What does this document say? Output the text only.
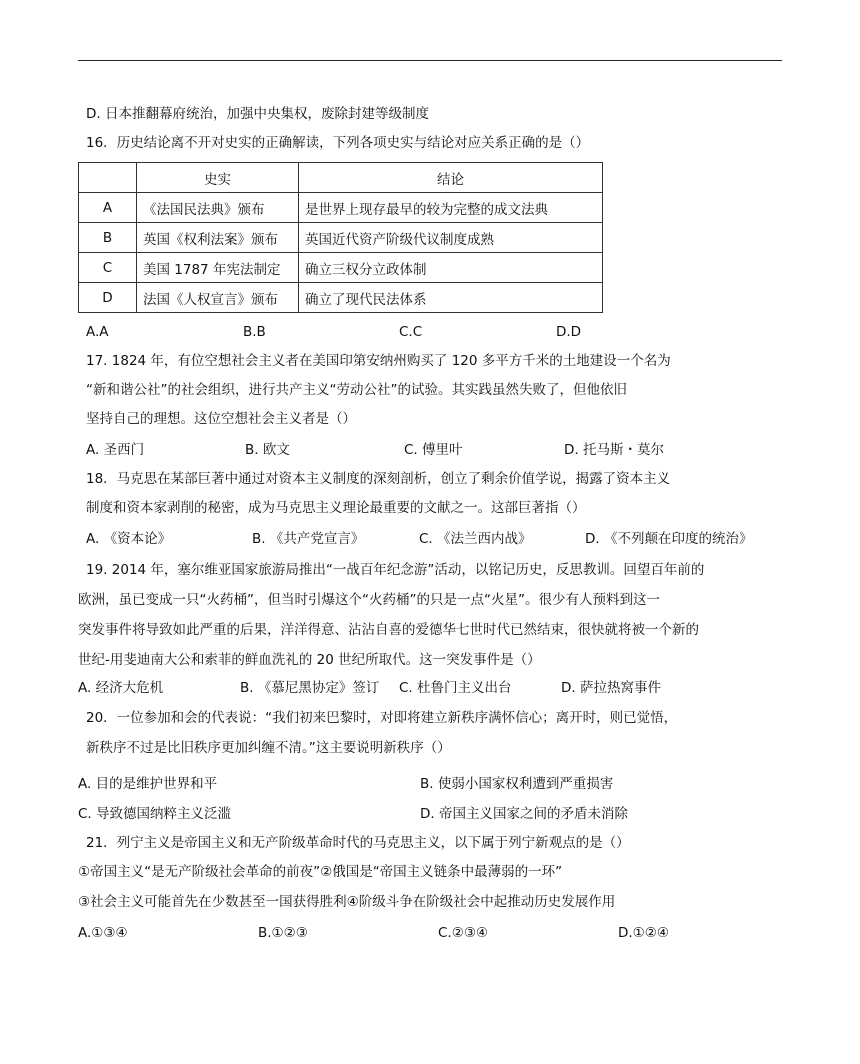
D. 日本推翻幕府统治，加强中央集权，废除封建等级制度
16．历史结论离不开对史实的正确解读，下列各项史实与结论对应关系正确的是（）
	史实	结论
A	《法国民法典》颁布	是世界上现存最早的较为完整的成文法典
B	英国《权利法案》颁布	英国近代资产阶级代议制度成熟
C	美国 1787 年宪法制定	确立三权分立政体制
D	法国《人权宣言》颁布	确立了现代民法体系
A.A	B.B	C.C	D.D
17. 1824 年，有位空想社会主义者在美国印第安纳州购买了 120 多平方千米的土地建设一个名为
“新和谐公社”的社会组织，进行共产主义“劳动公社”的试验。其实践虽然失败了，但他依旧
坚持自己的理想。这位空想社会主义者是（）
A. 圣西门	B. 欧文	C. 傅里叶	D. 托马斯・莫尔
18．马克思在某部巨著中通过对资本主义制度的深刻剖析，创立了剩余价值学说，揭露了资本主义
制度和资本家剥削的秘密，成为马克思主义理论最重要的文献之一。这部巨著指（）
A. 《资本论》	B. 《共产党宣言》	C. 《法兰西内战》	D. 《不列颠在印度的统治》
19. 2014 年，塞尔维亚国家旅游局推出“一战百年纪念游”活动，以铭记历史，反思教训。回望百年前的
欧洲，虽已变成一只“火药桶”，但当时引爆这个“火药桶”的只是一点“火星”。很少有人预料到这一
突发事件将导致如此严重的后果，洋洋得意、沾沾自喜的爱德华七世时代已然结束，很快就将被一个新的
世纪-用斐迪南大公和索菲的鲜血洗礼的 20 世纪所取代。这一突发事件是（）
A. 经济大危机	B. 《慕尼黑协定》签订 C. 杜鲁门主义出台	D. 萨拉热窝事件
20．一位参加和会的代表说：“我们初来巴黎时，对即将建立新秩序满怀信心；离开时，则已觉悟，
新秩序不过是比旧秩序更加纠缠不清。”这主要说明新秩序（）
A. 目的是维护世界和平	B. 使弱小国家权利遭到严重损害
C. 导致德国纳粹主义泛滥	D. 帝国主义国家之间的矛盾未消除
21．列宁主义是帝国主义和无产阶级革命时代的马克思主义，以下属于列宁新观点的是（）
①帝国主义“是无产阶级社会革命的前夜”②俄国是“帝国主义链条中最薄弱的一环”
③社会主义可能首先在少数甚至一国获得胜利④阶级斗争在阶级社会中起推动历史发展作用
A.①③④	B.①②③	C.②③④	D.①②④
